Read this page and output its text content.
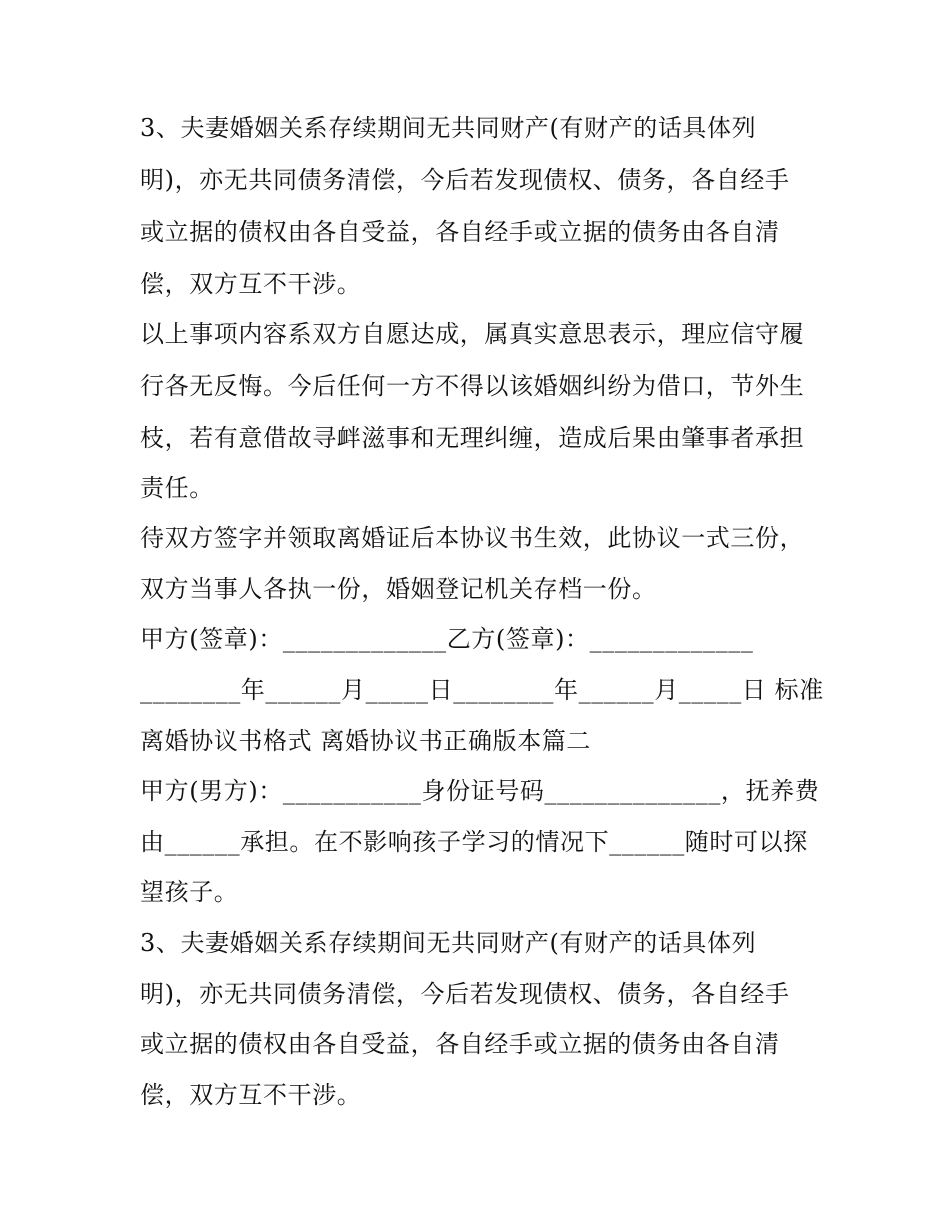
3、夫妻婚姻关系存续期间无共同财产(有财产的话具体列
明)，亦无共同债务清偿，今后若发现债权、债务，各自经手
或立据的债权由各自受益，各自经手或立据的债务由各自清
偿，双方互不干涉。
以上事项内容系双方自愿达成，属真实意思表示，理应信守履
行各无反悔。今后任何一方不得以该婚姻纠纷为借口，节外生
枝，若有意借故寻衅滋事和无理纠缠，造成后果由肇事者承担
责任。
待双方签字并领取离婚证后本协议书生效，此协议一式三份，
双方当事人各执一份，婚姻登记机关存档一份。
甲方(签章)：_____________乙方(签章)：_____________
________年______月_____日________年______月_____日 标准
离婚协议书格式 离婚协议书正确版本篇二
甲方(男方)：___________身份证号码______________，抚养费
由______承担。在不影响孩子学习的情况下______随时可以探
望孩子。
3、夫妻婚姻关系存续期间无共同财产(有财产的话具体列
明)，亦无共同债务清偿，今后若发现债权、债务，各自经手
或立据的债权由各自受益，各自经手或立据的债务由各自清
偿，双方互不干涉。
